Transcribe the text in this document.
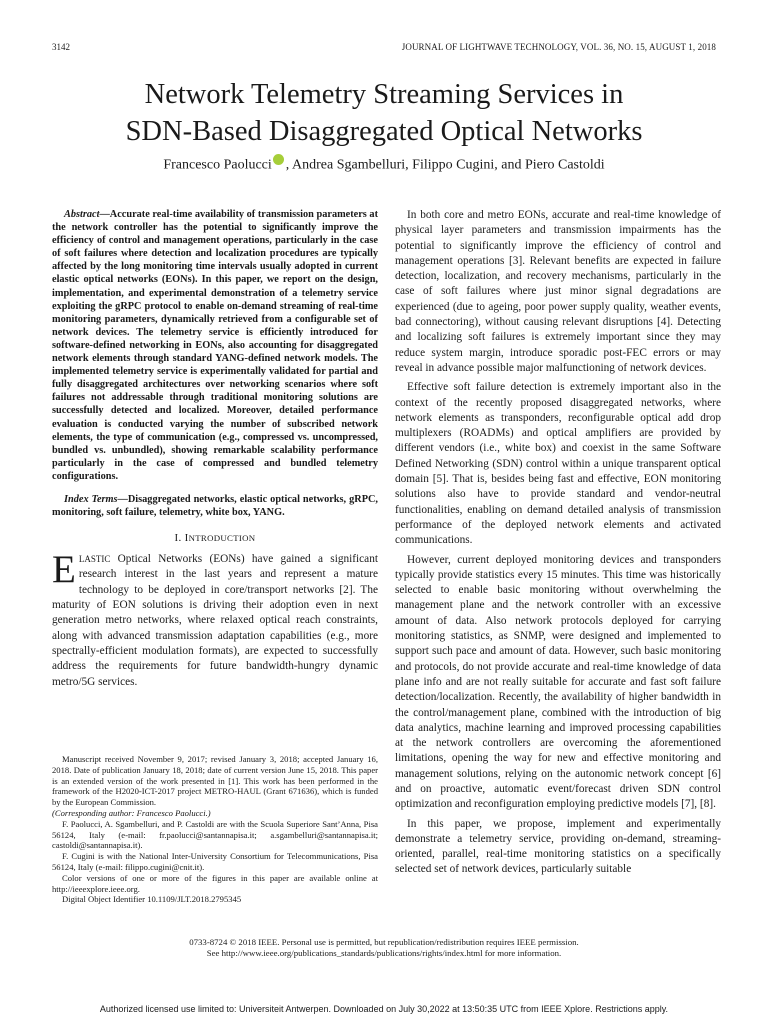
3142	JOURNAL OF LIGHTWAVE TECHNOLOGY, VOL. 36, NO. 15, AUGUST 1, 2018
Network Telemetry Streaming Services in
SDN-Based Disaggregated Optical Networks
Francesco Paolucci , Andrea Sgambelluri, Filippo Cugini, and Piero Castoldi

Abstract—Accurate real-time availability of transmission parameters at the network controller has the potential to significantly improve the efficiency of control and management operations, particularly in the case of soft failures where detection and localization procedures are typically affected by the long monitoring time intervals usually adopted in current elastic optical networks (EONs). In this paper, we report on the design, implementation, and experimental demonstration of a telemetry service exploiting the gRPC protocol to enable on-demand streaming of real-time monitoring parameters, dynamically retrieved from a configurable set of network devices. The telemetry service is efficiently introduced for software-defined networking in EONs, also accounting for disaggregated network elements through standard YANG-defined network models. The implemented telemetry service is experimentally validated for partial and fully disaggregated architectures over networking scenarios where soft failures not addressable through traditional monitoring solutions are successfully detected and localized. Moreover, detailed performance evaluation is conducted varying the number of subscribed network elements, the type of communication (e.g., compressed vs. uncompressed, bundled vs. unbundled), showing remarkable scalability performance particularly in the case of compressed and bundled telemetry configurations.

Index Terms—Disaggregated networks, elastic optical networks, gRPC, monitoring, soft failure, telemetry, white box, YANG.

I. INTRODUCTION

ELASTIC Optical Networks (EONs) have gained a significant research interest in the last years and represent a mature technology to be deployed in core/transport networks [2]. The maturity of EON solutions is driving their adoption even in next generation metro networks, where relaxed optical reach constraints, along with advanced transmission adaptation capabilities (e.g., more spectrally-efficient modulation formats), are expected to successfully address the requirements for future bandwidth-hungry dynamic metro/5G services.

Manuscript received November 9, 2017; revised January 3, 2018; accepted January 16, 2018. Date of publication January 18, 2018; date of current version June 15, 2018. This paper is an extended version of the work presented in [1]. This work has been performed in the framework of the H2020-ICT-2017 project METRO-HAUL (Grant 671636), which is funded by the European Commission.

(Corresponding author: Francesco Paolucci.)

F. Paolucci, A. Sgambelluri, and P. Castoldi are with the Scuola Superiore Sant’Anna, Pisa 56124, Italy (e-mail: fr.paolucci@santannapisa.it; a.sgambelluri@santannapisa.it; castoldi@santannapisa.it).

F. Cugini is with the National Inter-University Consortium for Telecommunications, Pisa 56124, Italy (e-mail: filippo.cugini@cnit.it).

Color versions of one or more of the figures in this paper are available online at http://ieeexplore.ieee.org.

Digital Object Identifier 10.1109/JLT.2018.2795345

In both core and metro EONs, accurate and real-time knowledge of physical layer parameters and transmission impairments has the potential to significantly improve the efficiency of control and management operations [3]. Relevant benefits are expected in failure detection, localization, and recovery mechanisms, particularly in the case of soft failures where just minor signal degradations are experienced (due to ageing, poor power supply quality, weather events, bad connectoring), without causing relevant disruptions [4]. Detecting and localizing soft failures is extremely important since they may reduce system margin, introduce sporadic post-FEC errors or may reveal in advance possible major malfunctioning of network devices.

Effective soft failure detection is extremely important also in the context of the recently proposed disaggregated networks, where network elements as transponders, reconfigurable optical add drop multiplexers (ROADMs) and optical amplifiers are provided by different vendors (i.e., white box) and coexist in the same Software Defined Networking (SDN) control within a unique transparent optical domain [5]. That is, besides being fast and effective, EON monitoring solutions also have to provide standard and vendor-neutral functionalities, enabling on demand detailed analysis of transmission performance of the deployed network elements and activated communications.

However, current deployed monitoring devices and transponders typically provide statistics every 15 minutes. This time was historically selected to enable basic monitoring without overwhelming the management plane and the network controller with an excessive amount of data. Also network protocols deployed for carrying monitoring statistics, as SNMP, were designed and implemented to support such pace and amount of data. However, such basic monitoring and protocols, do not provide accurate and real-time knowledge of data plane info and are not really suitable for accurate and fast soft failure detection/localization. Recently, the availability of higher bandwidth in the control/management plane, combined with the introduction of big data analytics, machine learning and improved processing capabilities at the network controllers are overcoming the aforementioned limitations, opening the way for new and effective monitoring and management solutions, relying on the autonomic network concept [6] and on proactive, automatic event/forecast driven SDN control optimization and reconfiguration employing predictive models [7], [8].

In this paper, we propose, implement and experimentally demonstrate a telemetry service, providing on-demand, streaming-oriented, parallel, real-time monitoring statistics on a specifically selected set of network devices, particularly suitable

0733-8724 © 2018 IEEE. Personal use is permitted, but republication/redistribution requires IEEE permission.
See http://www.ieee.org/publications_standards/publications/rights/index.html for more information.
Authorized licensed use limited to: Universiteit Antwerpen. Downloaded on July 30,2022 at 13:50:35 UTC from IEEE Xplore. Restrictions apply.
